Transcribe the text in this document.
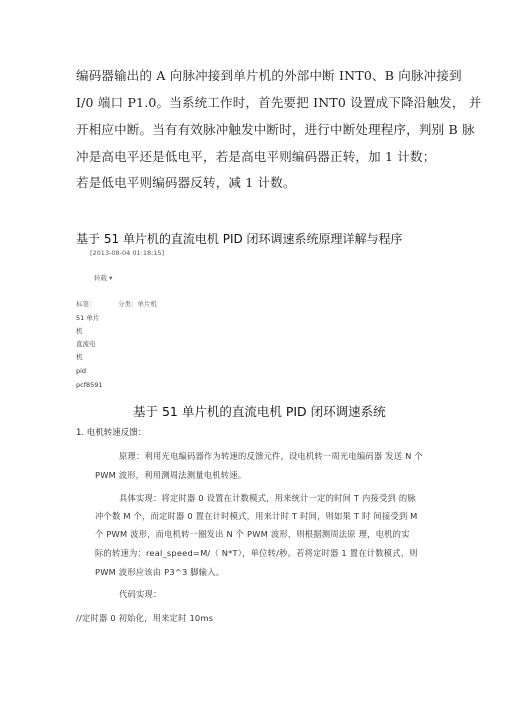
编码器输出的 A 向脉冲接到单片机的外部中断 INT0、B 向脉冲接到
I/0 端口 P1.0。当系统工作时，首先要把 INT0 设置成下降沿触发， 并
开相应中断。当有有效脉冲触发中断时，进行中断处理程序，判别 B 脉
冲是高电平还是低电平，若是高电平则编码器正转，加 1 计数；
若是低电平则编码器反转，减 1 计数。
基于 51 单片机的直流电机 PID 闭环调速系统原理详解与程序
[2013-08-04 01:18:15]
转载 ▾
标签：	分类：单片机
51 单片
机
直流电
机
pid
pcf8591
基于 51 单片机的直流电机 PID 闭环调速系统
1. 电机转速反馈：
原理：利用光电编码器作为转速的反馈元件，设电机转一周光电编码器 发送 N 个
PWM 波形，利用测周法测量电机转速。
具体实现：将定时器 0 设置在计数模式，用来统计一定的时间 T 内接受到 的脉
冲个数 M 个，而定时器 0 置在计时模式，用来计时 T 时间，则如果 T 时 间接受到 M
个 PWM 波形，而电机转一圈发出 N 个 PWM 波形，则根据测周法原 理，电机的实
际的转速为：real_speed=M/（ N*T），单位转/秒。若将定时器 1 置在计数模式，则
PWM 波形应该由 P3^3 脚输入。
代码实现：
//定时器 0 初始化，用来定时 10ms
